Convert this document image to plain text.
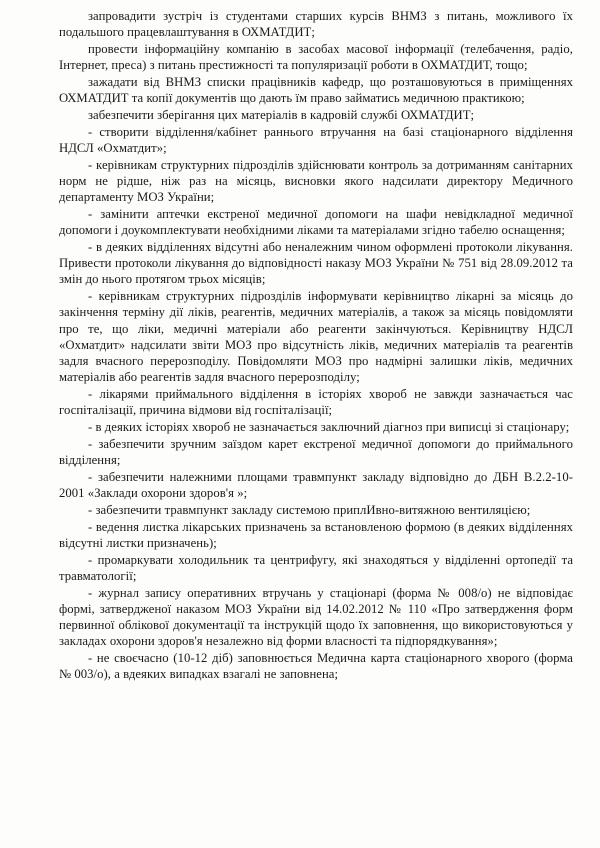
запровадити зустріч із студентами старших курсів ВНМЗ з питань, можливого їх подальшого працевлаштування в ОХМАТДИТ;

провести інформаційну компанію в засобах масової інформації (телебачення, радіо, Інтернет, преса) з питань престижності та популяризації роботи в ОХМАТДИТ, тощо;

зажадати від ВНМЗ списки працівників кафедр, що розташовуються в приміщеннях ОХМАТДИТ та копії документів що дають їм право займатись медичною практикою;

забезпечити зберігання цих матеріалів в кадровій службі ОХМАТДИТ;

- створити відділення/кабінет раннього втручання на базі стаціонарного відділення НДСЛ «Охматдит»;

- керівникам структурних підрозділів здійснювати контроль за дотриманням санітарних норм не рідше, ніж раз на місяць, висновки якого надсилати директору Медичного департаменту МОЗ України;

- замінити аптечки екстреної медичної допомоги на шафи невідкладної медичної допомоги і доукомплектувати необхідними ліками та матеріалами згідно табелю оснащення;

- в деяких відділеннях відсутні або неналежним чином оформлені протоколи лікування. Привести протоколи лікування до відповідності наказу МОЗ України № 751 від 28.09.2012 та змін до нього протягом трьох місяців;

- керівникам структурних підрозділів інформувати керівництво лікарні за місяць до закінчення терміну дії ліків, реагентів, медичних матеріалів, а також за місяць повідомляти про те, що ліки, медичні матеріали або реагенти закінчуються. Керівництву НДСЛ «Охматдит» надсилати звіти МОЗ про відсутність ліків, медичних матеріалів та реагентів задля вчасного перерозподілу. Повідомляти МОЗ про надмірні залишки ліків, медичних матеріалів або реагентів задля вчасного перерозподілу;

- лікарями приймального відділення в історіях хвороб не завжди зазначається час госпіталізації, причина відмови від госпіталізації;

- в деяких історіях хвороб не зазначається заключний діагноз при виписці зі стаціонару;

- забезпечити зручним заїздом карет екстреної медичної допомоги до приймального відділення;

- забезпечити належними площами травмпункт закладу відповідно до ДБН В.2.2-10-2001 «Заклади охорони здоров'я »;

- забезпечити травмпункт закладу системою приплИвно-витяжною вентиляцією;

- ведення листка лікарських призначень за встановленою формою (в деяких відділеннях відсутні листки призначень);

- промаркувати холодильник та центрифугу, які знаходяться у відділенні ортопедії та травматології;

- журнал запису оперативних втручань у стаціонарі (форма № 008/о) не відповідає формі, затвердженої наказом МОЗ України від 14.02.2012 № 110 «Про затвердження форм первинної облікової документації та інструкцій щодо їх заповнення, що використовуються у закладах охорони здоров'я незалежно від форми власності та підпорядкування»;

- не своєчасно (10-12 діб) заповнюється Медична карта стаціонарного хворого (форма № 003/о), а вдеяких випадках взагалі не заповнена;
